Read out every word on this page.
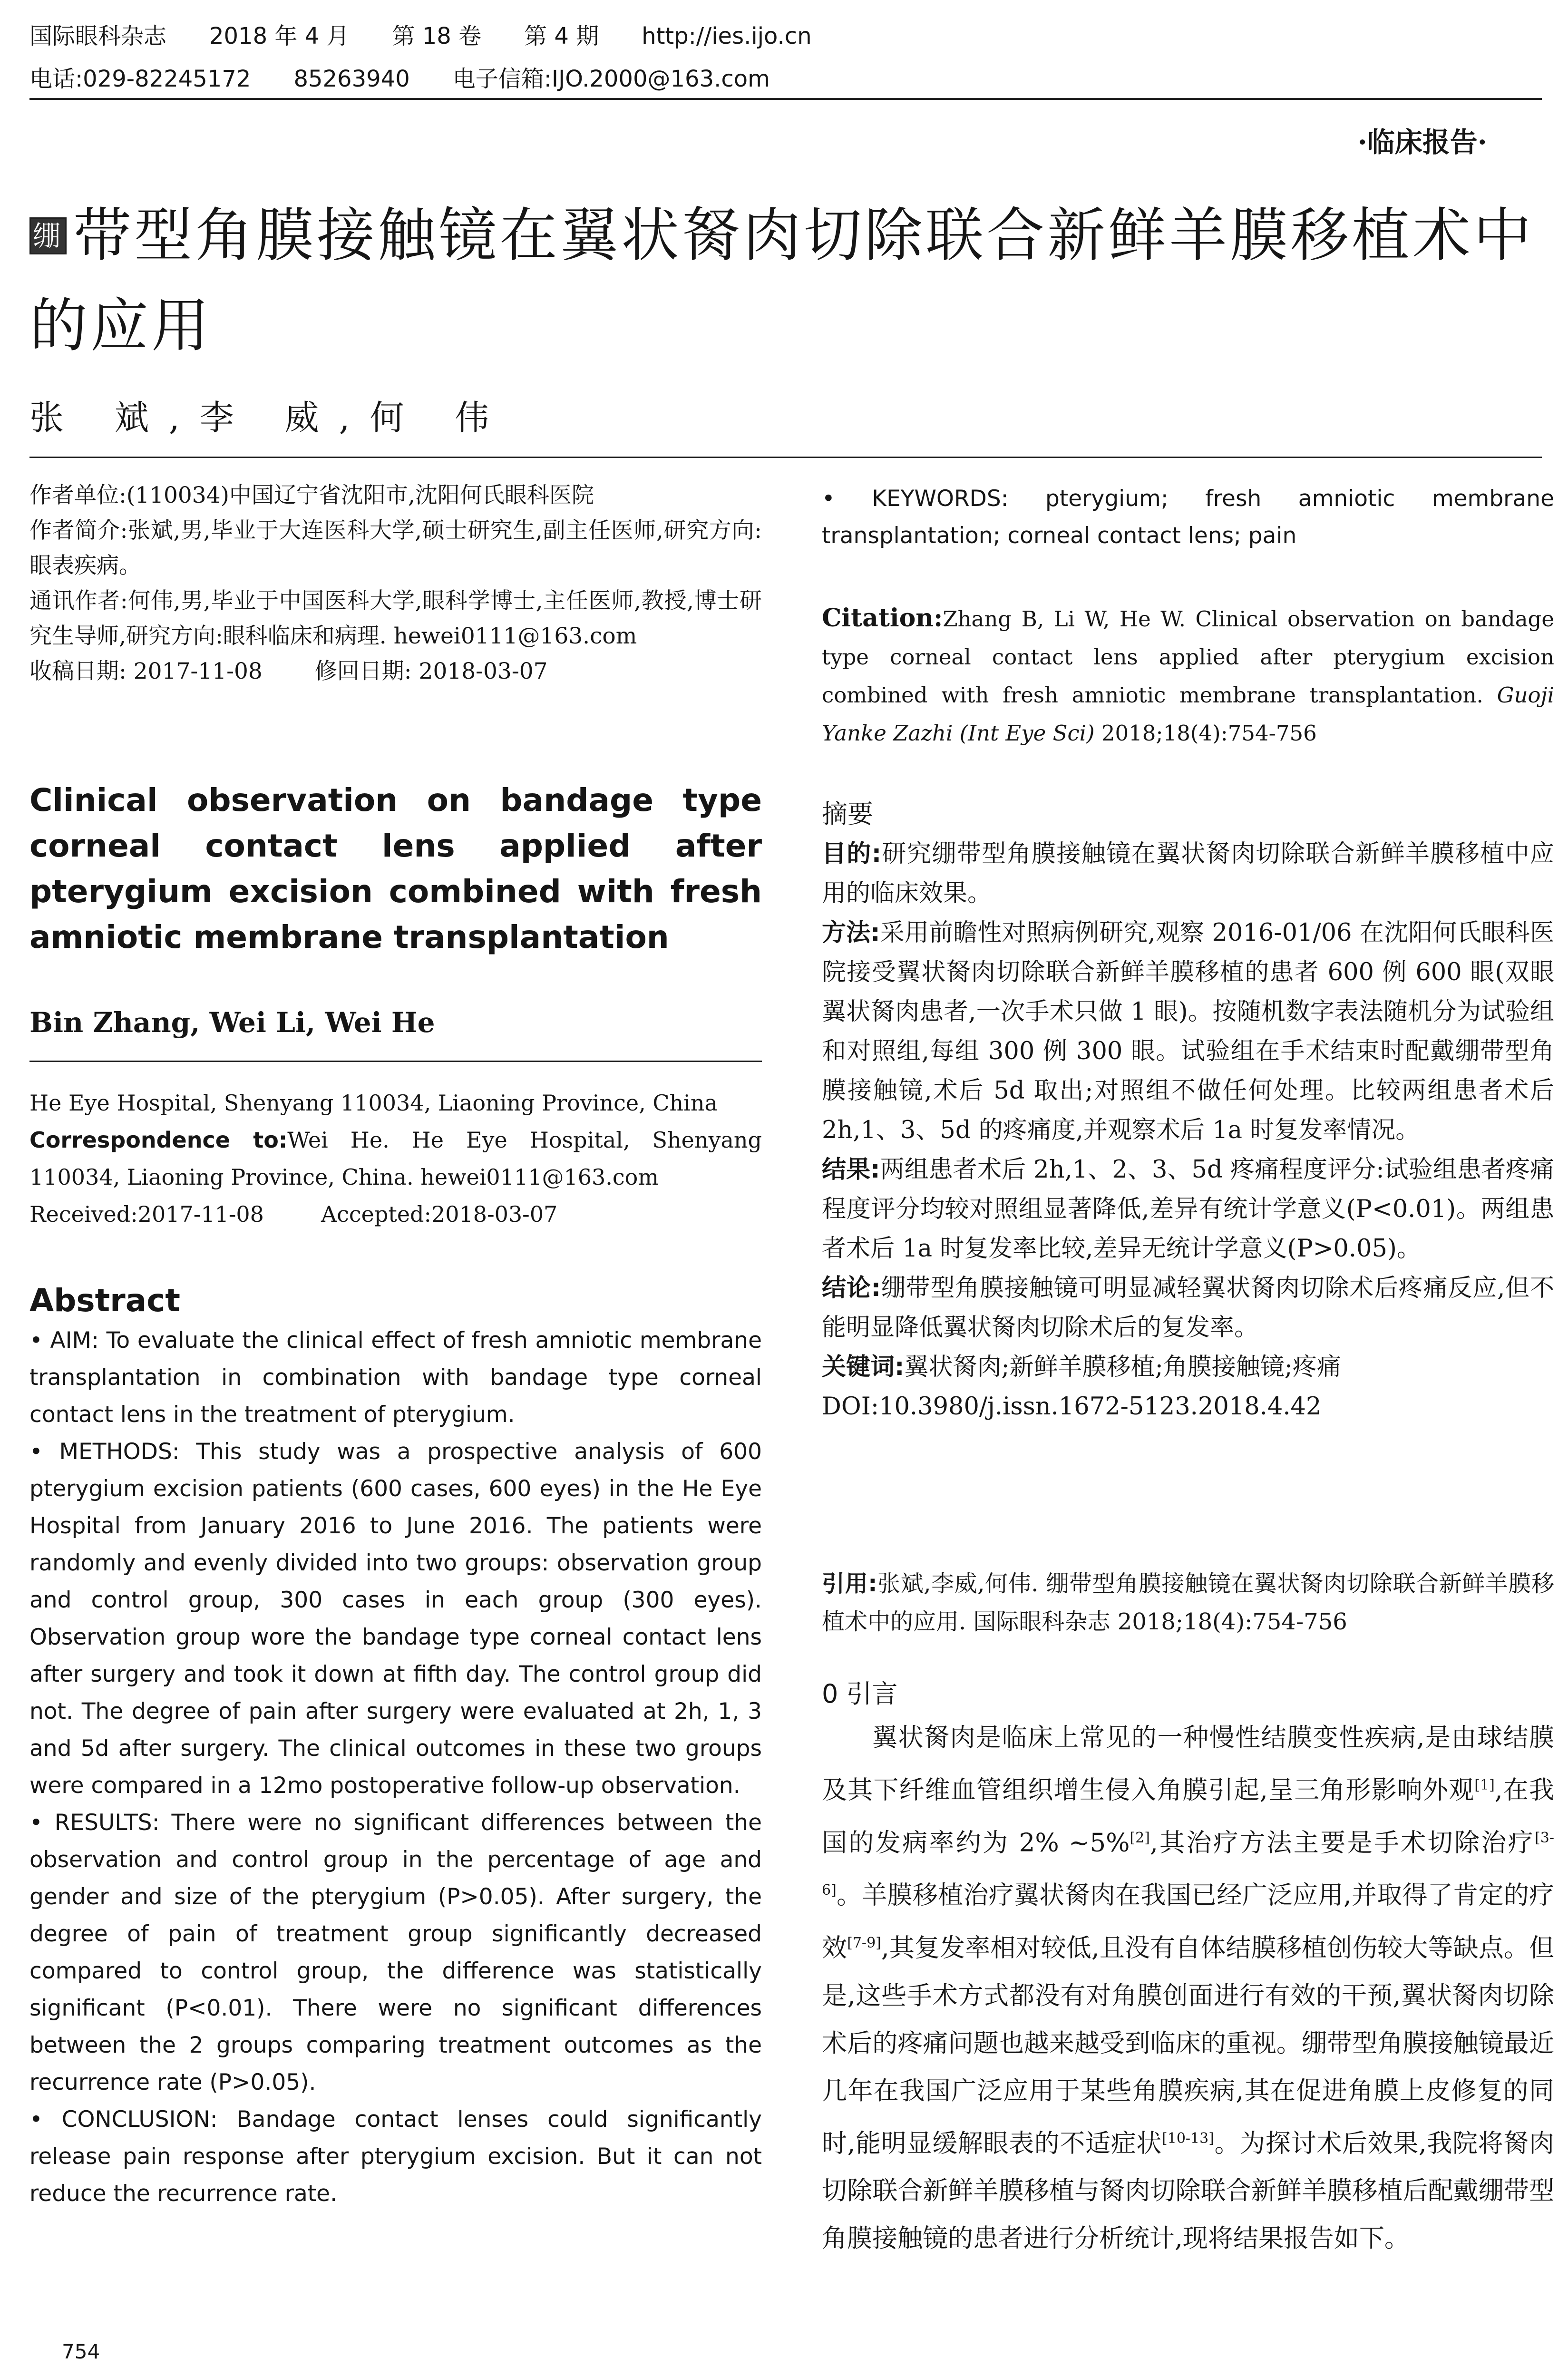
国际眼科杂志 2018 年 4 月 第 18 卷 第 4 期 http://ies.ijo.cn
电话:029-82245172 85263940 电子信箱:IJO.2000@163.com
·临床报告·
绷 带型角膜接触镜在翼状胬肉切除联合新鲜羊膜移植术中的应用
张 斌,李 威,何 伟
作者单位:(110034)中国辽宁省沈阳市,沈阳何氏眼科医院
作者简介:张斌,男,毕业于大连医科大学,硕士研究生,副主任医师,研究方向:眼表疾病。
通讯作者:何伟,男,毕业于中国医科大学,眼科学博士,主任医师,教授,博士研究生导师,研究方向:眼科临床和病理. hewei0111@163.com
收稿日期: 2017-11-08 修回日期: 2018-03-07
Clinical observation on bandage type corneal contact lens applied after pterygium excision combined with fresh amniotic membrane transplantation
Bin Zhang, Wei Li, Wei He
He Eye Hospital, Shenyang 110034, Liaoning Province, China
Correspondence to:Wei He. He Eye Hospital, Shenyang 110034, Liaoning Province, China. hewei0111@163.com
Received:2017-11-08	Accepted:2018-03-07
Abstract

• AIM: To evaluate the clinical effect of fresh amniotic membrane transplantation in combination with bandage type corneal contact lens in the treatment of pterygium.

• METHODS: This study was a prospective analysis of 600 pterygium excision patients (600 cases, 600 eyes) in the He Eye Hospital from January 2016 to June 2016. The patients were randomly and evenly divided into two groups: observation group and control group, 300 cases in each group (300 eyes). Observation group wore the bandage type corneal contact lens after surgery and took it down at fifth day. The control group did not. The degree of pain after surgery were evaluated at 2h, 1, 3 and 5d after surgery. The clinical outcomes in these two groups were compared in a 12mo postoperative follow-up observation.

• RESULTS: There were no significant differences between the observation and control group in the percentage of age and gender and size of the pterygium (P>0.05). After surgery, the degree of pain of treatment group significantly decreased compared to control group, the difference was statistically significant (P<0.01). There were no significant differences between the 2 groups comparing treatment outcomes as the recurrence rate (P>0.05).

• CONCLUSION: Bandage contact lenses could significantly release pain response after pterygium excision. But it can not reduce the recurrence rate.

• KEYWORDS: pterygium; fresh amniotic membrane transplantation; corneal contact lens; pain
Citation:Zhang B, Li W, He W. Clinical observation on bandage type corneal contact lens applied after pterygium excision combined with fresh amniotic membrane transplantation. Guoji Yanke Zazhi (Int Eye Sci) 2018;18(4):754-756
摘要

目的:研究绷带型角膜接触镜在翼状胬肉切除联合新鲜羊膜移植中应用的临床效果。

方法:采用前瞻性对照病例研究,观察 2016-01/06 在沈阳何氏眼科医院接受翼状胬肉切除联合新鲜羊膜移植的患者 600 例 600 眼(双眼翼状胬肉患者,一次手术只做 1 眼)。按随机数字表法随机分为试验组和对照组,每组 300 例 300 眼。试验组在手术结束时配戴绷带型角膜接触镜,术后 5d 取出;对照组不做任何处理。比较两组患者术后 2h,1、3、5d 的疼痛度,并观察术后 1a 时复发率情况。

结果:两组患者术后 2h,1、2、3、5d 疼痛程度评分:试验组患者疼痛程度评分均较对照组显著降低,差异有统计学意义(P<0.01)。两组患者术后 1a 时复发率比较,差异无统计学意义(P>0.05)。

结论:绷带型角膜接触镜可明显减轻翼状胬肉切除术后疼痛反应,但不能明显降低翼状胬肉切除术后的复发率。

关键词:翼状胬肉;新鲜羊膜移植;角膜接触镜;疼痛

DOI:10.3980/j.issn.1672-5123.2018.4.42

引用:张斌,李威,何伟. 绷带型角膜接触镜在翼状胬肉切除联合新鲜羊膜移植术中的应用. 国际眼科杂志 2018;18(4):754-756
0 引言

翼状胬肉是临床上常见的一种慢性结膜变性疾病,是由球结膜及其下纤维血管组织增生侵入角膜引起,呈三角形影响外观[1],在我国的发病率约为 2% ~5%[2],其治疗方法主要是手术切除治疗[3-6]。羊膜移植治疗翼状胬肉在我国已经广泛应用,并取得了肯定的疗效[7-9],其复发率相对较低,且没有自体结膜移植创伤较大等缺点。但是,这些手术方式都没有对角膜创面进行有效的干预,翼状胬肉切除术后的疼痛问题也越来越受到临床的重视。绷带型角膜接触镜最近几年在我国广泛应用于某些角膜疾病,其在促进角膜上皮修复的同时,能明显缓解眼表的不适症状[10-13]。为探讨术后效果,我院将胬肉切除联合新鲜羊膜移植与胬肉切除联合新鲜羊膜移植后配戴绷带型角膜接触镜的患者进行分析统计,现将结果报告如下。

754
